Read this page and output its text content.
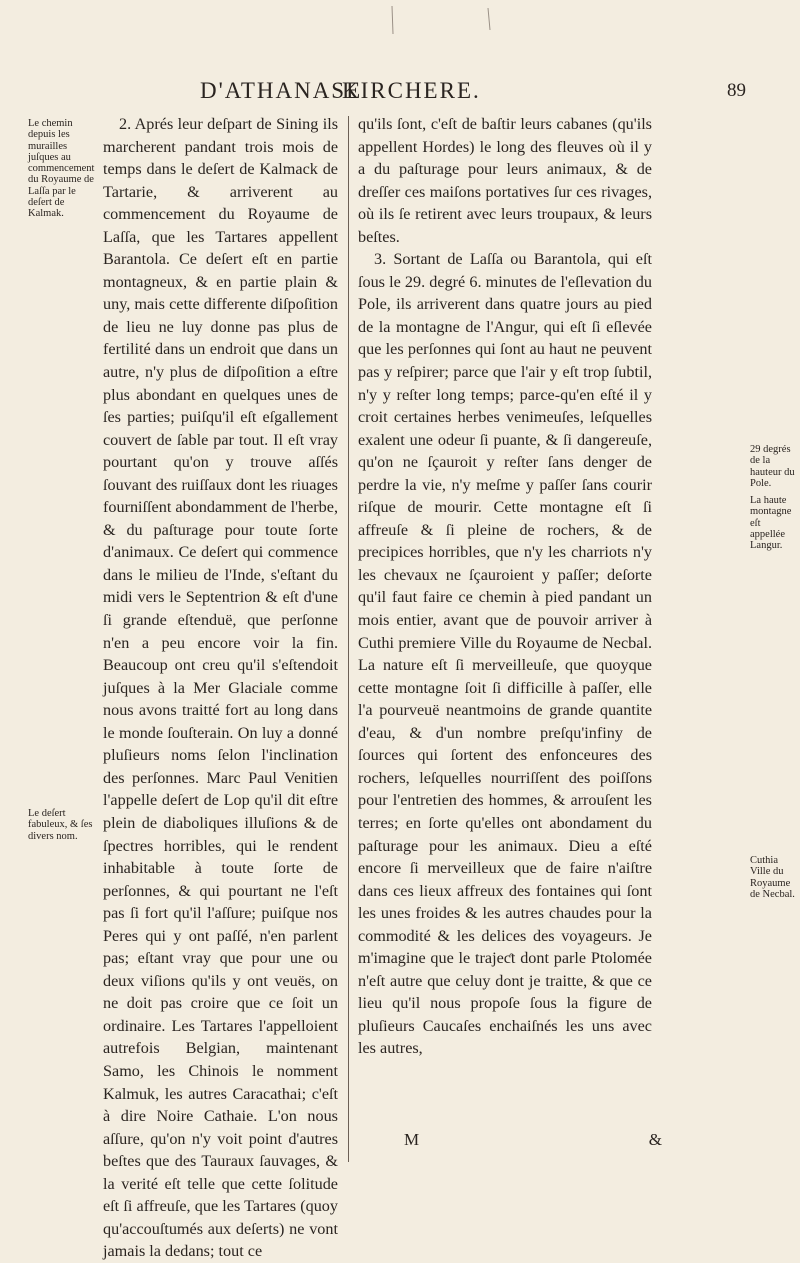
D'ATHANASE
KIRCHERE.	89
Le chemin depuis les murailles juſques au commencement du Royaume de Laſſa par le deſert de Kalmak.
Le deſert fabuleux, & ſes divers nom.

2. Aprés leur deſpart de Sining ils marcherent pandant trois mois de temps dans le deſert de Kalmack de Tartarie, & arriverent au commencement du Royaume de Laſſa, que les Tartares appellent Barantola. Ce deſert eſt en partie montagneux, & en partie plain & uny, mais cette differente diſpoſition de lieu ne luy donne pas plus de fertilité dans un endroit que dans un autre, n'y plus de diſpoſition a eſtre plus abondant en quelques unes de ſes parties; puiſqu'il eſt eſgallement couvert de ſable par tout. Il eſt vray pourtant qu'on y trouve aſſés ſouvant des ruiſſaux dont les riuages fourniſſent abondamment de l'herbe, & du paſturage pour toute ſorte d'animaux. Ce deſert qui commence dans le milieu de l'Inde, s'eſtant du midi vers le Septentrion & eſt d'une ſi grande eſtenduë, que perſonne n'en a peu encore voir la fin. Beaucoup ont creu qu'il s'eſtendoit juſques à la Mer Glaciale comme nous avons traitté fort au long dans le monde ſouſterain. On luy a donné pluſieurs noms ſelon l'inclination des perſonnes. Marc Paul Venitien l'appelle deſert de Lop qu'il dit eſtre plein de diaboliques illuſions & de ſpectres horribles, qui le rendent inhabitable à toute ſorte de perſonnes, & qui pourtant ne l'eſt pas ſi fort qu'il l'aſſure; puiſque nos Peres qui y ont paſſé, n'en parlent pas; eſtant vray que pour une ou deux viſions qu'ils y ont veuës, on ne doit pas croire que ce ſoit un ordinaire. Les Tartares l'appelloient autrefois Belgian, maintenant Samo, les Chinois le nomment Kalmuk, les autres Caracathai; c'eſt à dire Noire Cathaie. L'on nous aſſure, qu'on n'y voit point d'autres beſtes que des Tauraux ſauvages, & la verité eſt telle que cette ſolitude eſt ſi affreuſe, que les Tartares (quoy qu'accouſtumés aux deſerts) ne vont jamais la dedans; tout ce

qu'ils ſont, c'eſt de baſtir leurs cabanes (qu'ils appellent Hordes) le long des fleuves où il y a du paſturage pour leurs animaux, & de dreſſer ces maiſons portatives ſur ces rivages, où ils ſe retirent avec leurs troupaux, & leurs beſtes.

3. Sortant de Laſſa ou Barantola, qui eſt ſous le 29. degré 6. minutes de l'eſlevation du Pole, ils arriverent dans quatre jours au pied de la montagne de l'Angur, qui eſt ſi eſlevée que les perſonnes qui ſont au haut ne peuvent pas y reſpirer; parce que l'air y eſt trop ſubtil, n'y y reſter long temps; parce-qu'en eſté il y croit certaines herbes venimeuſes, leſquelles exalent une odeur ſi puante, & ſi dangereuſe, qu'on ne ſçauroit y reſter ſans denger de perdre la vie, n'y meſme y paſſer ſans courir riſque de mourir. Cette montagne eſt ſi affreuſe & ſi pleine de rochers, & de precipices horribles, que n'y les charriots n'y les chevaux ne ſçauroient y paſſer; deſorte qu'il faut faire ce chemin à pied pandant un mois entier, avant que de pouvoir arriver à Cuthi premiere Ville du Royaume de Necbal. La nature eſt ſi merveilleuſe, que quoyque cette montagne ſoit ſi difficille à paſſer, elle l'a pourveuë neantmoins de grande quantite d'eau, & d'un nombre preſqu'infiny de ſources qui ſortent des enfonceures des rochers, leſquelles nourriſſent des poiſſons pour l'entretien des hommes, & arrouſent les terres; en ſorte qu'elles ont abondament du paſturage pour les animaux. Dieu a eſté encore ſi merveilleux que de faire n'aiſtre dans ces lieux affreux des fontaines qui ſont les unes froides & les autres chaudes pour la commodité & les delices des voyageurs. Je m'imagine que le trajeƈt dont parle Ptolomée n'eſt autre que celuy dont je traitte, & que ce lieu qu'il nous propoſe ſous la figure de pluſieurs Caucaſes enchaiſnés les uns avec les autres,

29 degrés de la hauteur du Pole.
La haute montagne eſt appellée Langur.
Cuthia Ville du Royaume de Necbal.
M	&
